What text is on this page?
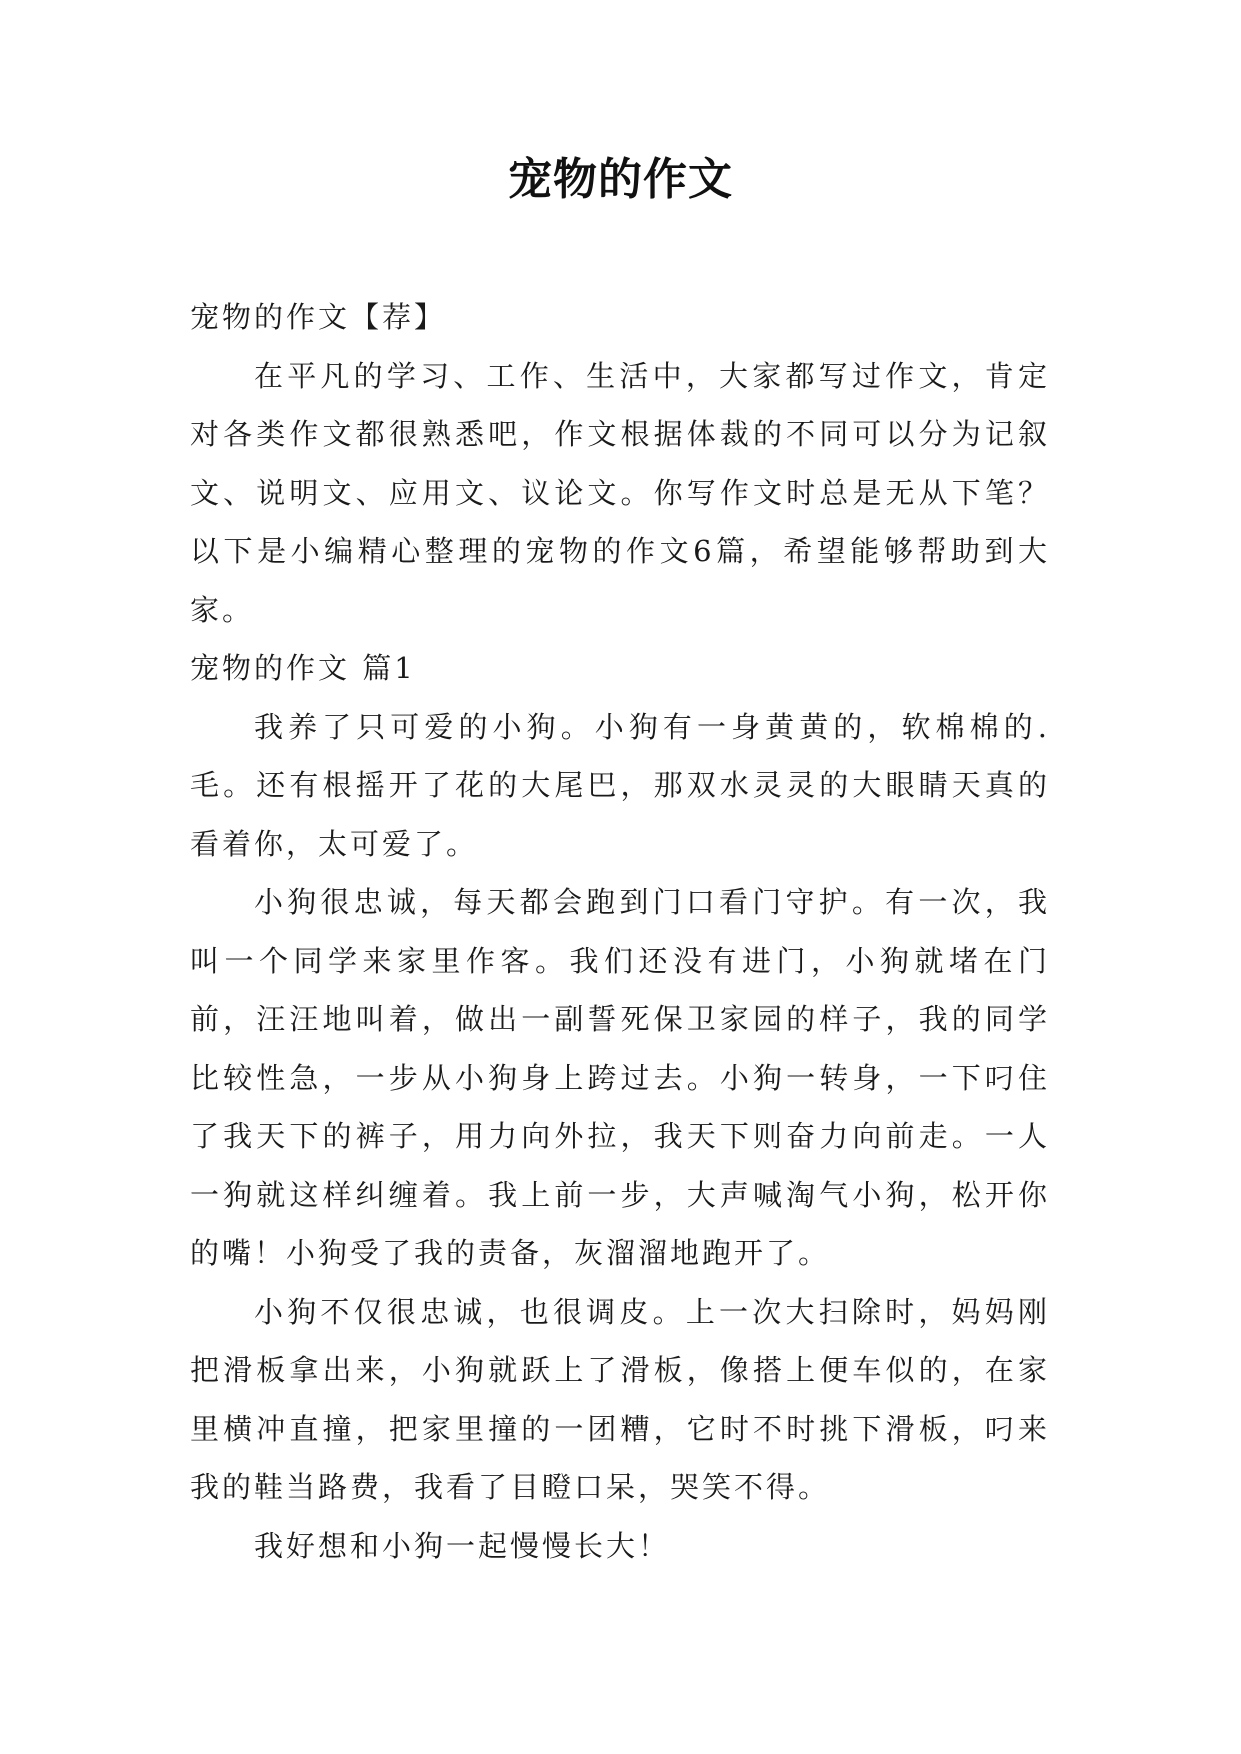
宠物的作文

宠物的作文【荐】

在平凡的学习、工作、生活中，大家都写过作文，肯定对各类作文都很熟悉吧，作文根据体裁的不同可以分为记叙文、说明文、应用文、议论文。你写作文时总是无从下笔？以下是小编精心整理的宠物的作文6篇，希望能够帮助到大家。

宠物的作文 篇1

我养了只可爱的小狗。小狗有一身黄黄的，软棉棉的.毛。还有根摇开了花的大尾巴，那双水灵灵的大眼睛天真的看着你，太可爱了。

小狗很忠诚，每天都会跑到门口看门守护。有一次，我叫一个同学来家里作客。我们还没有进门，小狗就堵在门前，汪汪地叫着，做出一副誓死保卫家园的样子，我的同学比较性急，一步从小狗身上跨过去。小狗一转身，一下叼住了我天下的裤子，用力向外拉，我天下则奋力向前走。一人一狗就这样纠缠着。我上前一步，大声喊淘气小狗，松开你的嘴！小狗受了我的责备，灰溜溜地跑开了。

小狗不仅很忠诚，也很调皮。上一次大扫除时，妈妈刚把滑板拿出来，小狗就跃上了滑板，像搭上便车似的，在家里横冲直撞，把家里撞的一团糟，它时不时挑下滑板，叼来我的鞋当路费，我看了目瞪口呆，哭笑不得。

我好想和小狗一起慢慢长大！
